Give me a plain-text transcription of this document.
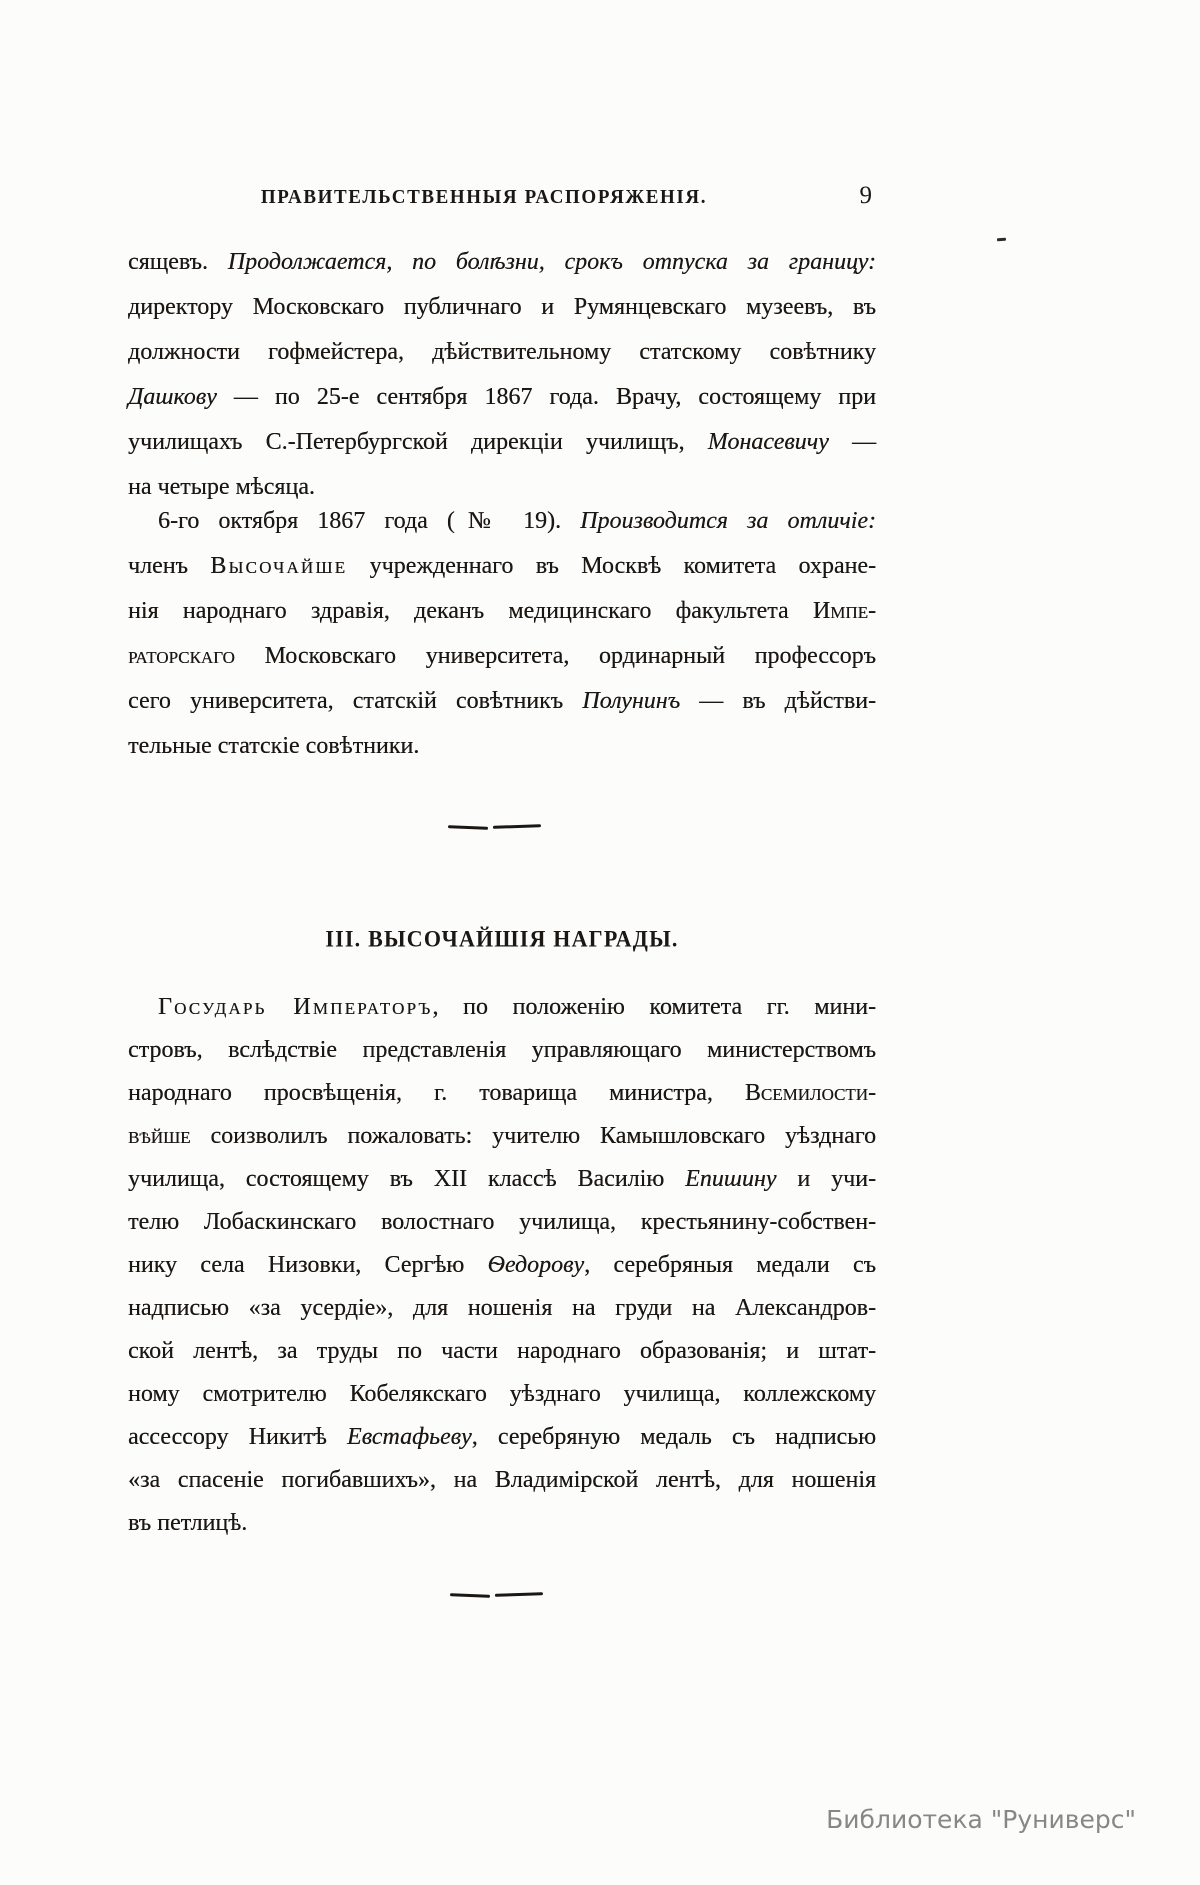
ПРАВИТЕЛЬСТВЕННЫЯ РАСПОРЯЖЕНІЯ.	9
сящевъ. Продолжается, по болѣзни, срокъ отпуска за границу:
директору Московскаго публичнаго и Румянцевскаго музеевъ, въ
должности гофмейстера, дѣйствительному статскому совѣтнику
Дашкову — по 25-е сентября 1867 года. Врачу, состоящему при
училищахъ С.-Петербургской дирекціи училищъ, Монасевичу —
на четыре мѣсяца.
6-го октября 1867 года (№ 19). Производится за отличіе:
членъ Высочайше учрежденнаго въ Москвѣ комитета охране-
нія народнаго здравія, деканъ медицинскаго факультета Импе-
раторскаго Московскаго университета, ординарный профессоръ
сего университета, статскій совѣтникъ Полунинъ — въ дѣйстви-
тельные статскіе совѣтники.
III. ВЫСОЧАЙШІЯ НАГРАДЫ.
Государь Императоръ, по положенію комитета гг. мини-
стровъ, вслѣдствіе представленія управляющаго министерствомъ
народнаго просвѣщенія, г. товарища министра, Всемилости-
вѣйше соизволилъ пожаловать: учителю Камышловскаго уѣзднаго
училища, состоящему въ XII классѣ Василію Епишину и учи-
телю Лобаскинскаго волостнаго училища, крестьянину-собствен-
нику села Низовки, Сергѣю Ѳедорову, серебряныя медали съ
надписью «за усердіе», для ношенія на груди на Александров-
ской лентѣ, за труды по части народнаго образованія; и штат-
ному смотрителю Кобелякскаго уѣзднаго училища, коллежскому
ассессору Никитѣ Евстафьеву, серебряную медаль съ надписью
«за спасеніе погибавшихъ», на Владимірской лентѣ, для ношенія
въ петлицѣ.
Библиотека "Руниверс"
